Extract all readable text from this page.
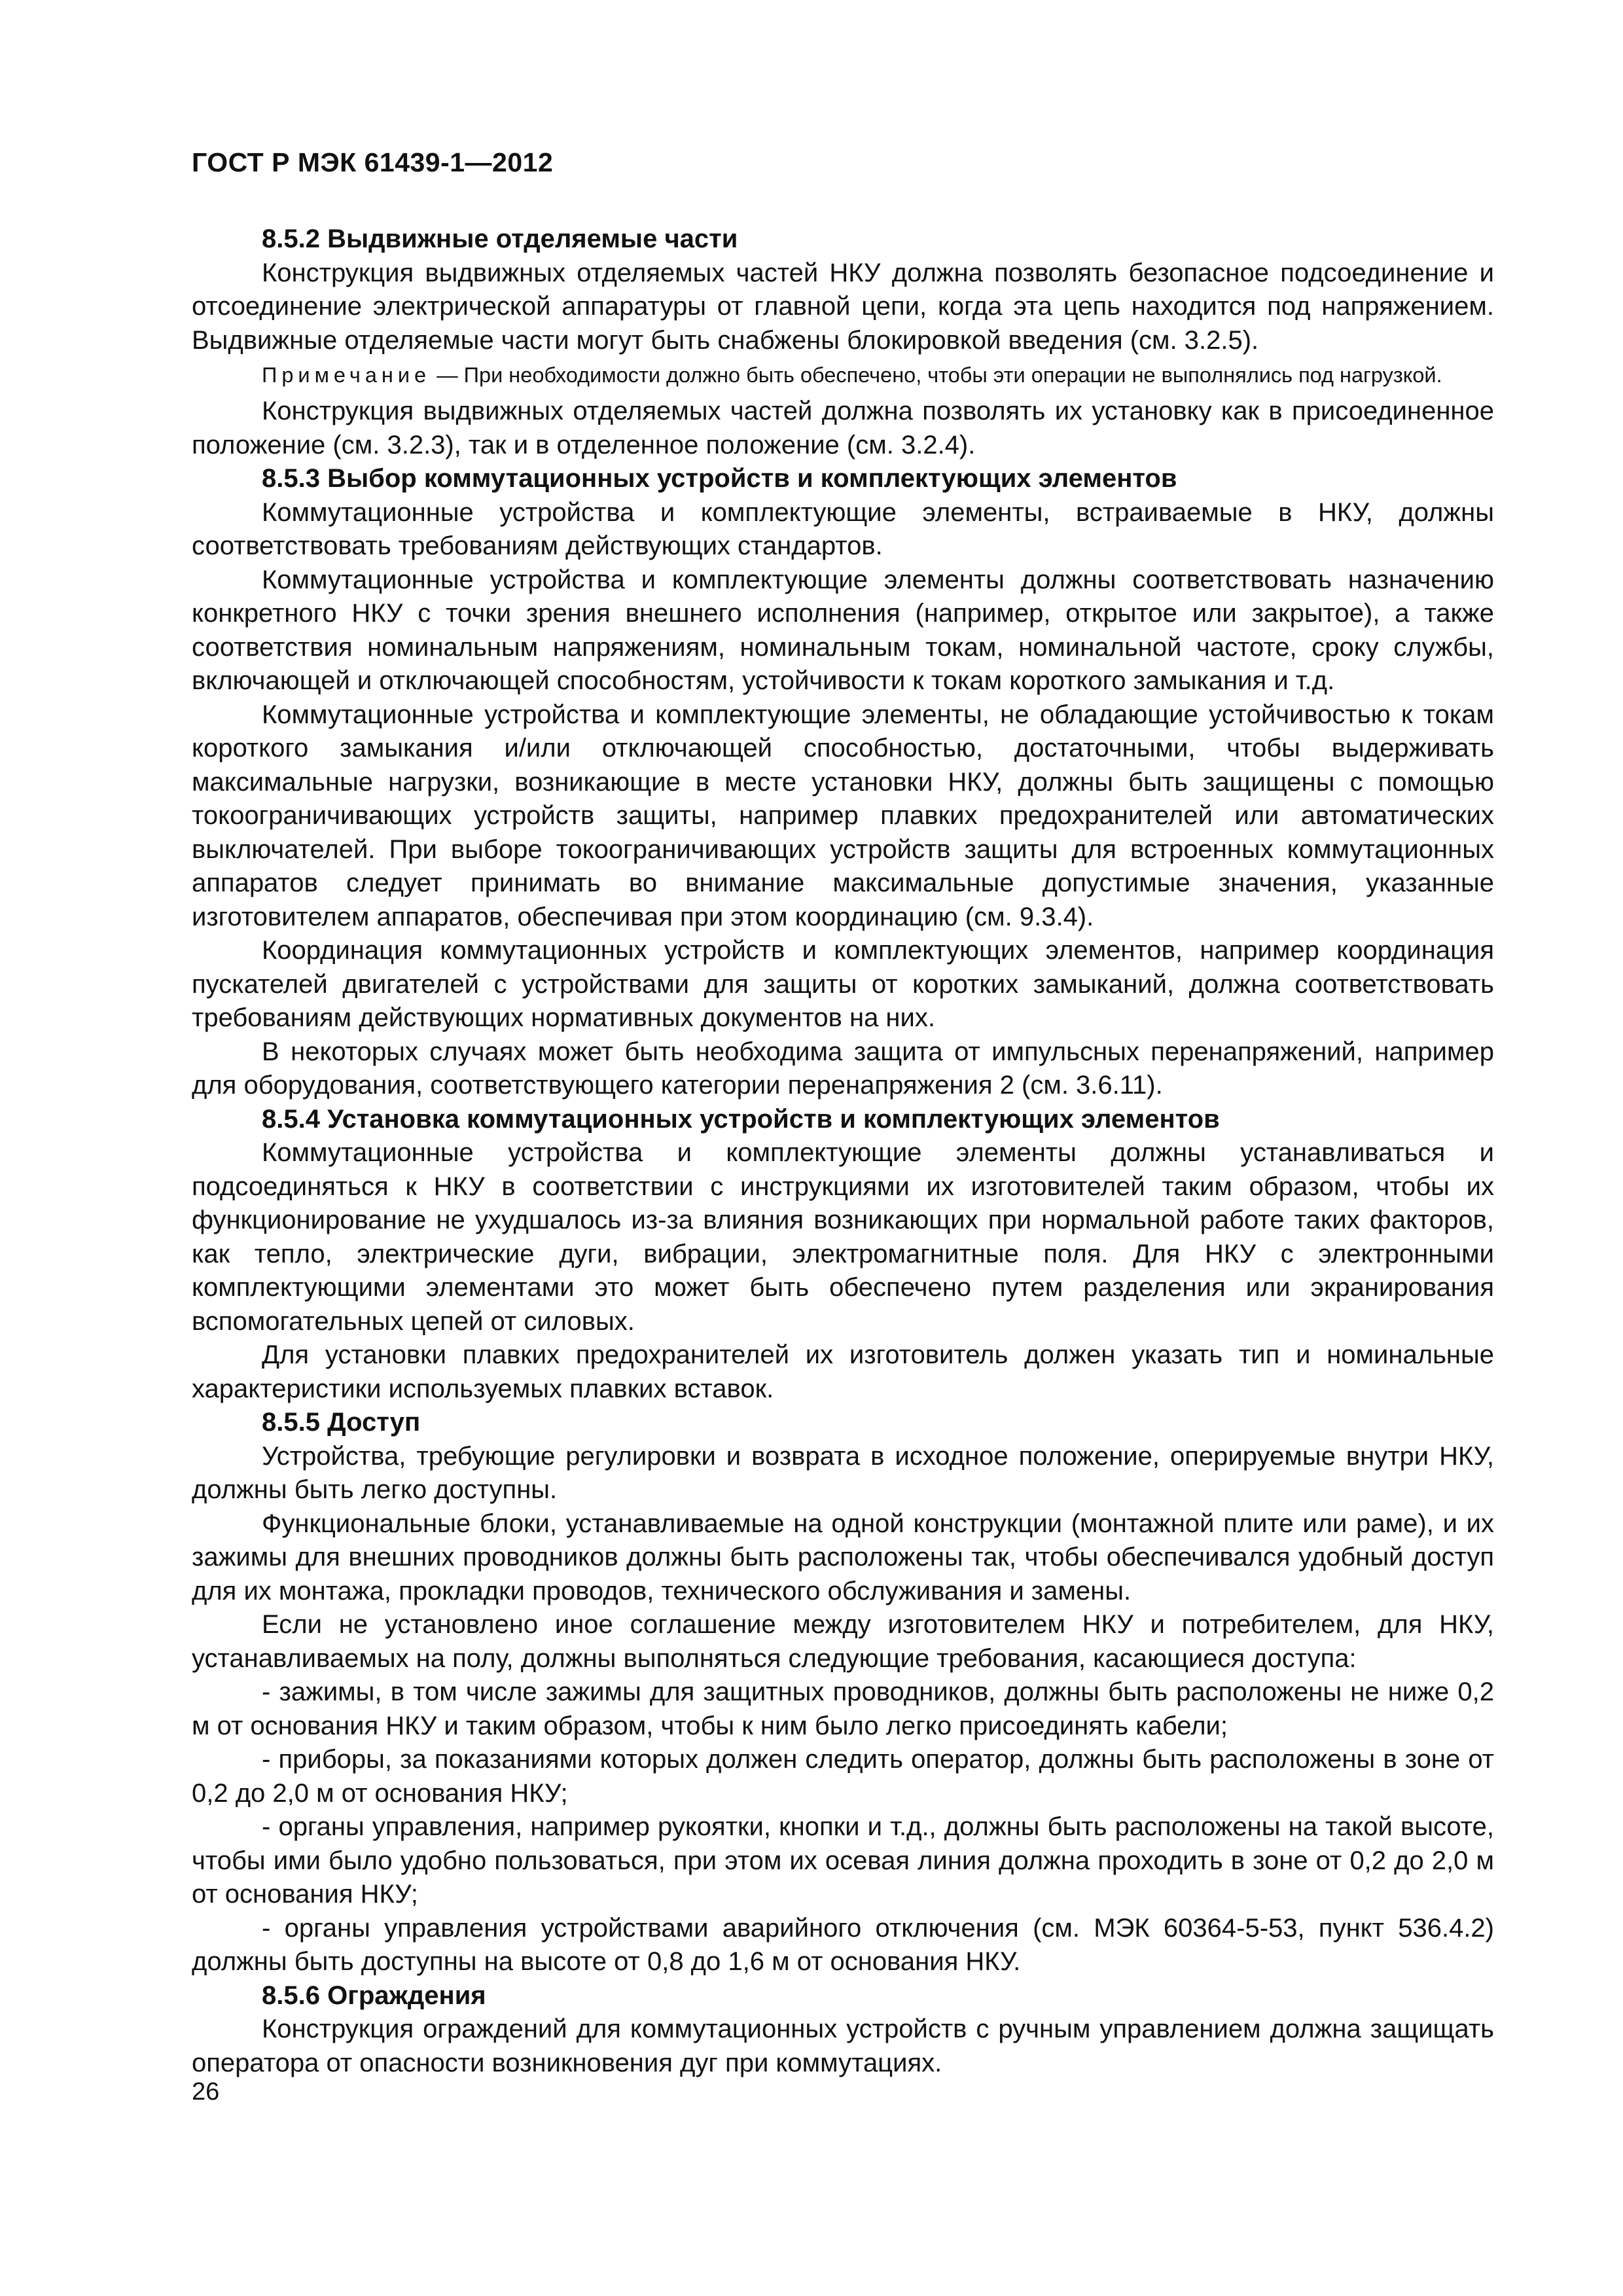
ГОСТ Р МЭК 61439-1—2012
8.5.2 Выдвижные отделяемые части

Конструкция выдвижных отделяемых частей НКУ должна позволять безопасное подсоединение и отсоединение электрической аппаратуры от главной цепи, когда эта цепь находится под напряжением. Выдвижные отделяемые части могут быть снабжены блокировкой введения (см. 3.2.5).

Примечание — При необходимости должно быть обеспечено, чтобы эти операции не выполнялись под нагрузкой.

Конструкция выдвижных отделяемых частей должна позволять их установку как в присоединенное положение (см. 3.2.3), так и в отделенное положение (см. 3.2.4).

8.5.3 Выбор коммутационных устройств и комплектующих элементов

Коммутационные устройства и комплектующие элементы, встраиваемые в НКУ, должны соответствовать требованиям действующих стандартов.

Коммутационные устройства и комплектующие элементы должны соответствовать назначению конкретного НКУ с точки зрения внешнего исполнения (например, открытое или закрытое), а также соответствия номинальным напряжениям, номинальным токам, номинальной частоте, сроку службы, включающей и отключающей способностям, устойчивости к токам короткого замыкания и т.д.

Коммутационные устройства и комплектующие элементы, не обладающие устойчивостью к токам короткого замыкания и/или отключающей способностью, достаточными, чтобы выдерживать максимальные нагрузки, возникающие в месте установки НКУ, должны быть защищены с помощью токоограничивающих устройств защиты, например плавких предохранителей или автоматических выключателей. При выборе токоограничивающих устройств защиты для встроенных коммутационных аппаратов следует принимать во внимание максимальные допустимые значения, указанные изготовителем аппаратов, обеспечивая при этом координацию (см. 9.3.4).

Координация коммутационных устройств и комплектующих элементов, например координация пускателей двигателей с устройствами для защиты от коротких замыканий, должна соответствовать требованиям действующих нормативных документов на них.

В некоторых случаях может быть необходима защита от импульсных перенапряжений, например для оборудования, соответствующего категории перенапряжения 2 (см. 3.6.11).

8.5.4 Установка коммутационных устройств и комплектующих элементов

Коммутационные устройства и комплектующие элементы должны устанавливаться и подсоединяться к НКУ в соответствии с инструкциями их изготовителей таким образом, чтобы их функционирование не ухудшалось из-за влияния возникающих при нормальной работе таких факторов, как тепло, электрические дуги, вибрации, электромагнитные поля. Для НКУ с электронными комплектующими элементами это может быть обеспечено путем разделения или экранирования вспомогательных цепей от силовых.

Для установки плавких предохранителей их изготовитель должен указать тип и номинальные характеристики используемых плавких вставок.

8.5.5 Доступ

Устройства, требующие регулировки и возврата в исходное положение, оперируемые внутри НКУ, должны быть легко доступны.

Функциональные блоки, устанавливаемые на одной конструкции (монтажной плите или раме), и их зажимы для внешних проводников должны быть расположены так, чтобы обеспечивался удобный доступ для их монтажа, прокладки проводов, технического обслуживания и замены.

Если не установлено иное соглашение между изготовителем НКУ и потребителем, для НКУ, устанавливаемых на полу, должны выполняться следующие требования, касающиеся доступа:

- зажимы, в том числе зажимы для защитных проводников, должны быть расположены не ниже 0,2 м от основания НКУ и таким образом, чтобы к ним было легко присоединять кабели;

- приборы, за показаниями которых должен следить оператор, должны быть расположены в зоне от 0,2 до 2,0 м от основания НКУ;

- органы управления, например рукоятки, кнопки и т.д., должны быть расположены на такой высоте, чтобы ими было удобно пользоваться, при этом их осевая линия должна проходить в зоне от 0,2 до 2,0 м от основания НКУ;

- органы управления устройствами аварийного отключения (см. МЭК 60364-5-53, пункт 536.4.2) должны быть доступны на высоте от 0,8 до 1,6 м от основания НКУ.

8.5.6 Ограждения

Конструкция ограждений для коммутационных устройств с ручным управлением должна защищать оператора от опасности возникновения дуг при коммутациях.

26
